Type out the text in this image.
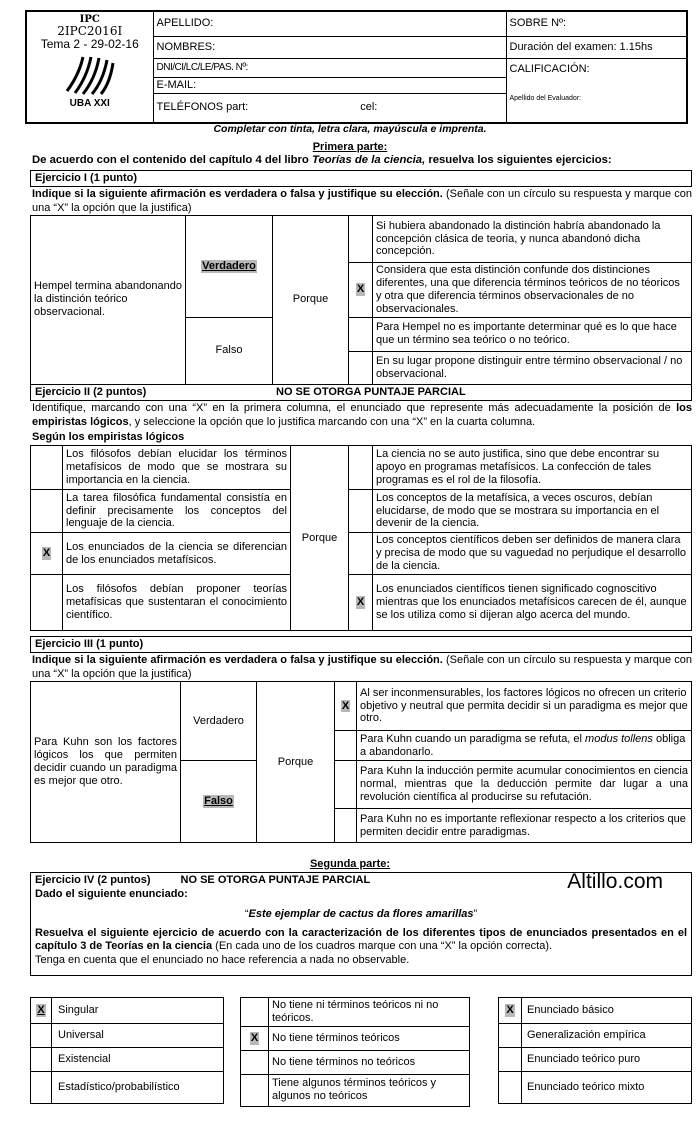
IPC
2IPC2016I
Tema 2 - 29-02-16
UBA XXI	APELLIDO:	SOBRE Nº:
	NOMBRES:	Duración del examen: 1.15hs
	DNI/CI/LC/LE/PAS. Nº:	CALIFICACIÓN:
Apellido del Evaluador:

	E-MAIL:	
	TELÉFONOS part: cel:	
Completar con tinta, letra clara, mayúscula e imprenta.
Primera parte:
De acuerdo con el contenido del capítulo 4 del libro Teorías de la ciencia, resuelva los siguientes ejercicios:
Ejercicio I (1 punto)
Indique si la siguiente afirmación es verdadera o falsa y justifique su elección. (Señale con un círculo su respuesta y marque con una “X” la opción que la justifica)
Hempel termina abandonando la distinción teórico observacional.	Verdadero	Porque		Si hubiera abandonado la distinción habría abandonado la concepción clásica de teoria, y nunca abandonó dicha concepción.
			X	Considera que esta distinción confunde dos distinciones diferentes, una que diferencia términos teóricos de no téoricos y otra que diferencia términos observacionales de no observacionales.
	Falso			Para Hempel no es importante determinar qué es lo que hace que un término sea teórico o no teórico.
				En su lugar propone distinguir entre término observacional / no observacional.
Ejercicio II (2 puntos)	NO SE OTORGA PUNTAJE PARCIAL
Identifique, marcando con una “X” en la primera columna, el enunciado que represente más adecuadamente la posición de los empiristas lógicos, y seleccione la opción que lo justifica marcando con una “X” en la cuarta columna.
Según los empiristas lógicos
	Los filósofos debían elucidar los términos metafísicos de modo que se mostrara su importancia en la ciencia.	Porque		La ciencia no se auto justifica, sino que debe encontrar su apoyo en programas metafísicos. La confección de tales programas es el rol de la filosofía.
	La tarea filosófica fundamental consistía en definir precisamente los conceptos del lenguaje de la ciencia.			Los conceptos de la metafísica, a veces oscuros, debían elucidarse, de modo que se mostrara su importancia en el devenir de la ciencia.
X	Los enunciados de la ciencia se diferencian de los enunciados metafísicos.			Los conceptos científicos deben ser definidos de manera clara y precisa de modo que su vaguedad no perjudique el desarrollo de la ciencia.
	Los filósofos debían proponer teorías metafísicas que sustentaran el conocimiento científico.		X	Los enunciados científicos tienen significado cognoscitivo mientras que los enunciados metafísicos carecen de él, aunque se los utiliza como si dijeran algo acerca del mundo.
Ejercicio III (1 punto)
Indique si la siguiente afirmación es verdadera o falsa y justifique su elección. (Señale con un círculo su respuesta y marque con una “X” la opción que la justifica)
Para Kuhn son los factores lógicos los que permiten decidir cuando un paradigma es mejor que otro.	Verdadero	Porque	X	Al ser inconmensurables, los factores lógicos no ofrecen un criterio objetivo y neutral que permita decidir si un paradigma es mejor que otro.
				Para Kuhn cuando un paradigma se refuta, el modus tollens obliga a abandonarlo.
	Falso			Para Kuhn la inducción permite acumular conocimientos en ciencia normal, mientras que la deducción permite dar lugar a una revolución científica al producirse su refutación.
				Para Kuhn no es importante reflexionar respecto a los criterios que permiten decidir entre paradigmas.
Segunda parte:
Ejercicio IV (2 puntos)	NO SE OTORGA PUNTAJE PARCIAL
Dado el siguiente enunciado:
Altillo.com
“Este ejemplar de cactus da flores amarillas”
Resuelva el siguiente ejercicio de acuerdo con la caracterización de los diferentes tipos de enunciados presentados en el capítulo 3 de Teorías en la ciencia (En cada uno de los cuadros marque con una “X” la opción correcta).
Tenga en cuenta que el enunciado no hace referencia a nada no observable.
X	Singular
	Universal
	Existencial
	Estadístico/probabilístico
	No tiene ni términos teóricos ni no teóricos.
X	No tiene términos teóricos
	No tiene términos no teóricos
	Tiene algunos términos teóricos y algunos no teóricos
X	Enunciado básico
	Generalización empírica
	Enunciado teórico puro
	Enunciado teórico mixto
